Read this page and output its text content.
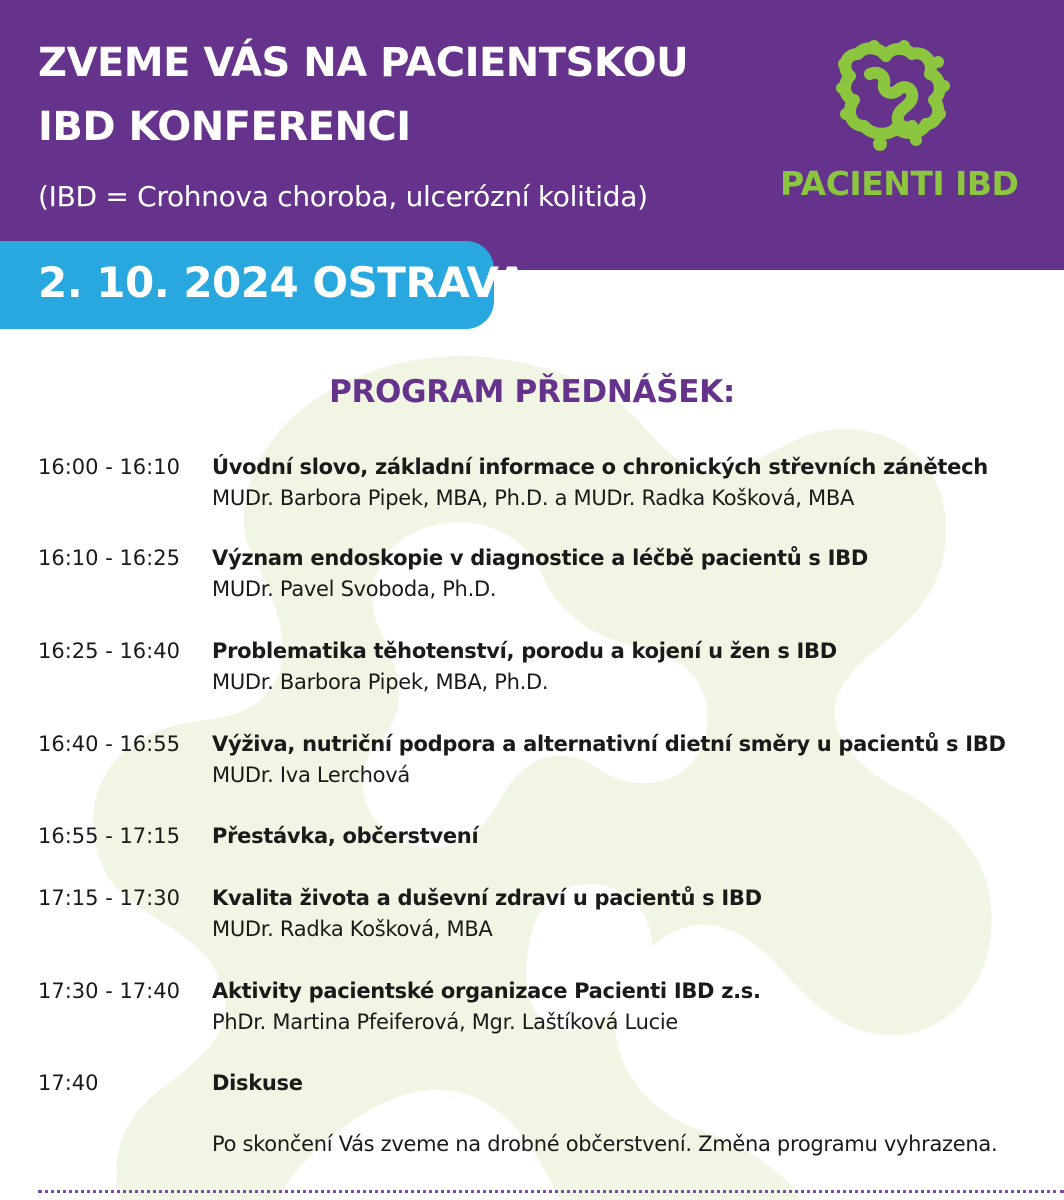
ZVEME VÁS NA PACIENTSKOU
IBD KONFERENCI
(IBD = Crohnova choroba, ulcerózní kolitida)	PACIENTI IBD
2. 10. 2024 OSTRAVA
PROGRAM PŘEDNÁŠEK:
16:00 - 16:10 Úvodní slovo, základní informace o chronických střevních zánětech
MUDr. Barbora Pipek, MBA, Ph.D. a MUDr. Radka Košková, MBA
16:10 - 16:25 Význam endoskopie v diagnostice a léčbě pacientů s IBD
MUDr. Pavel Svoboda, Ph.D.
16:25 - 16:40 Problematika těhotenství, porodu a kojení u žen s IBD
MUDr. Barbora Pipek, MBA, Ph.D.
16:40 - 16:55 Výživa, nutriční podpora a alternativní dietní směry u pacientů s IBD
MUDr. Iva Lerchová
16:55 - 17:15 Přestávka, občerstvení
17:15 - 17:30 Kvalita života a duševní zdraví u pacientů s IBD
MUDr. Radka Košková, MBA
17:30 - 17:40 Aktivity pacientské organizace Pacienti IBD z.s.
PhDr. Martina Pfeiferová, Mgr. Laštíková Lucie
17:40	Diskuse
Po skončení Vás zveme na drobné občerstvení. Změna programu vyhrazena.
